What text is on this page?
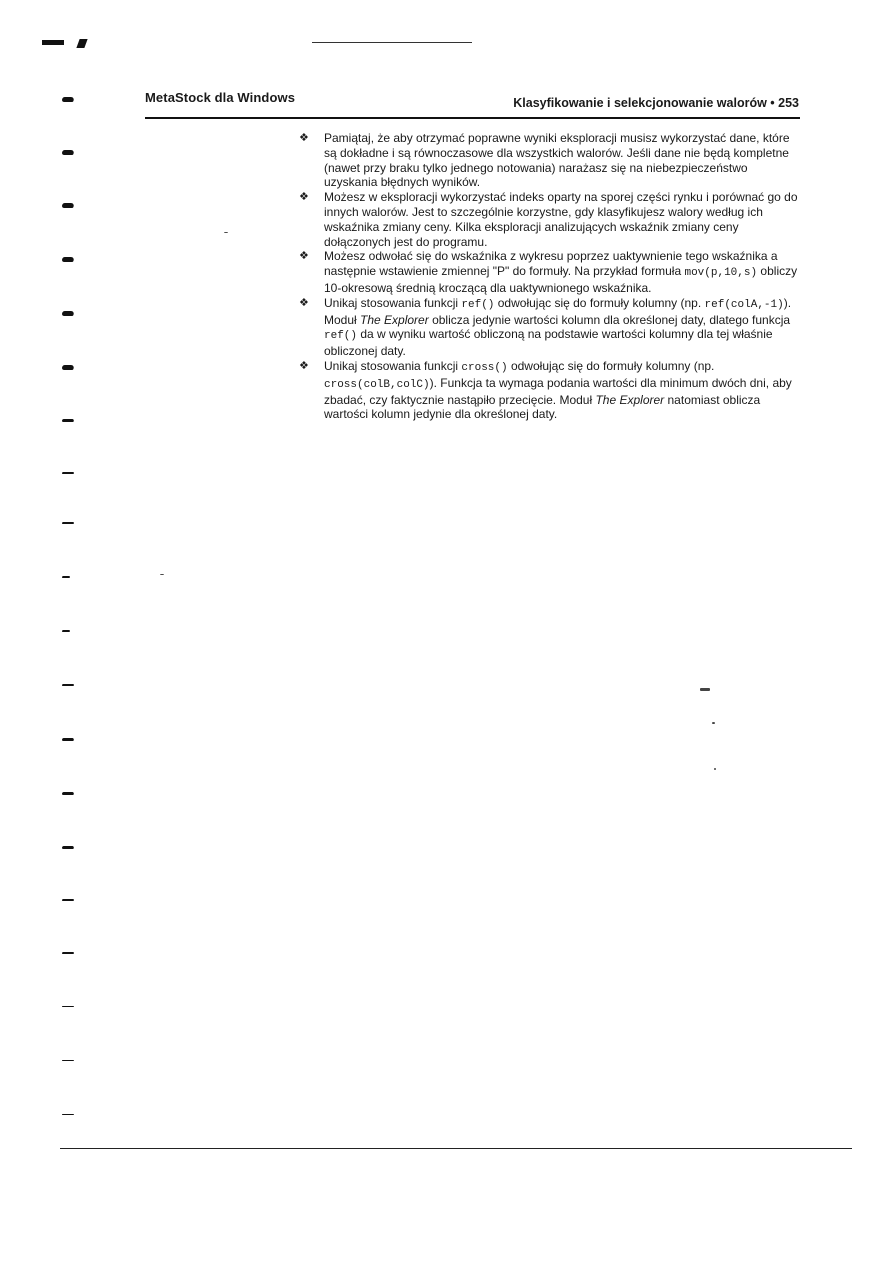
MetaStock dla Windows	Klasyfikowanie i selekcjonowanie walorów • 253
❖ Pamiątaj, że aby otrzymać poprawne wyniki eksploracji musisz wykorzystać dane, które są dokładne i są równoczasowe dla wszystkich walorów. Jeśli dane nie będą kompletne (nawet przy braku tylko jednego notowania) narażasz się na niebezpieczeństwo uzyskania błędnych wyników.
❖ Możesz w eksploracji wykorzystać indeks oparty na sporej części rynku i porównać go do innych walorów. Jest to szczególnie korzystne, gdy klasyfikujesz walory według ich wskaźnika zmiany ceny. Kilka eksploracji analizujących wskaźnik zmiany ceny dołączonych jest do programu.
❖ Możesz odwołać się do wskaźnika z wykresu poprzez uaktywnienie tego wskaźnika a następnie wstawienie zmiennej "P" do formuły. Na przykład formuła mov(p,10,s) obliczy 10-okresową średnią kroczącą dla uaktywnionego wskaźnika.
❖ Unikaj stosowania funkcji ref() odwołując się do formuły kolumny (np. ref(colA,-1)). Moduł The Explorer oblicza jedynie wartości kolumn dla określonej daty, dlatego funkcja ref() da w wyniku wartość obliczoną na podstawie wartości kolumny dla tej właśnie obliczonej daty.
❖ Unikaj stosowania funkcji cross() odwołując się do formuły kolumny (np. cross(colB,colC)). Funkcja ta wymaga podania wartości dla minimum dwóch dni, aby zbadać, czy faktycznie nastąpiło przecięcie. Moduł The Explorer natomiast oblicza wartości kolumn jedynie dla określonej daty.
